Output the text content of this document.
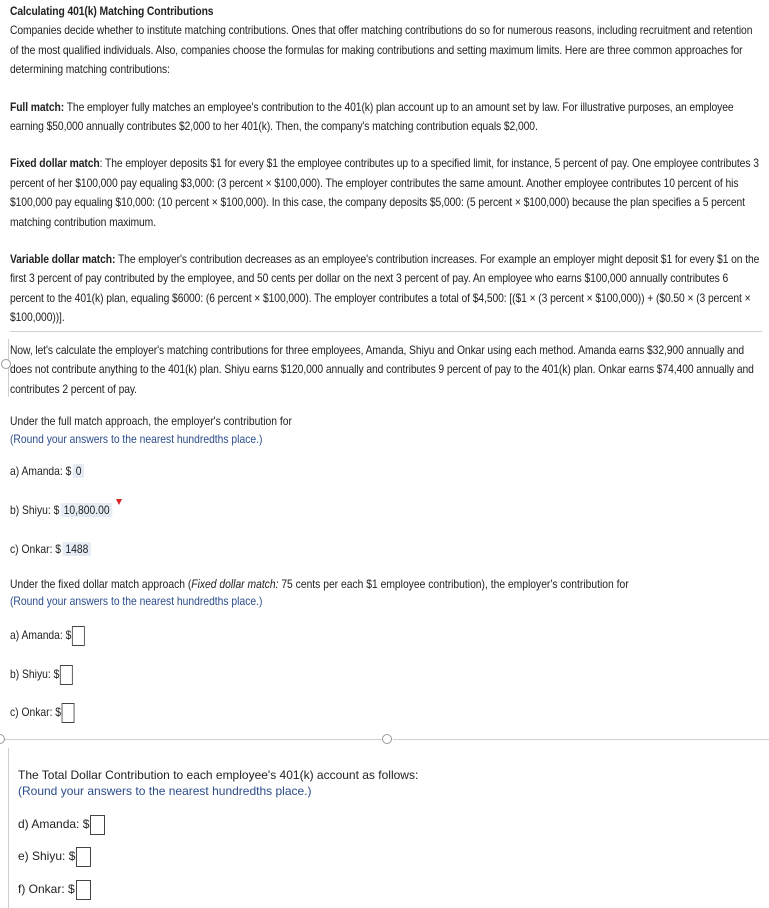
Calculating 401(k) Matching Contributions

Companies decide whether to institute matching contributions. Ones that offer matching contributions do so for numerous reasons, including recruitment and retention of the most qualified individuals. Also, companies choose the formulas for making contributions and setting maximum limits. Here are three common approaches for determining matching contributions:

Full match: The employer fully matches an employee's contribution to the 401(k) plan account up to an amount set by law. For illustrative purposes, an employee earning $50,000 annually contributes $2,000 to her 401(k). Then, the company's matching contribution equals $2,000.

Fixed dollar match: The employer deposits $1 for every $1 the employee contributes up to a specified limit, for instance, 5 percent of pay. One employee contributes 3 percent of her $100,000 pay equaling $3,000: (3 percent × $100,000). The employer contributes the same amount. Another employee contributes 10 percent of his $100,000 pay equaling $10,000: (10 percent × $100,000). In this case, the company deposits $5,000: (5 percent × $100,000) because the plan specifies a 5 percent matching contribution maximum.

Variable dollar match: The employer's contribution decreases as an employee's contribution increases. For example an employer might deposit $1 for every $1 on the first 3 percent of pay contributed by the employee, and 50 cents per dollar on the next 3 percent of pay. An employee who earns $100,000 annually contributes 6 percent to the 401(k) plan, equaling $6000: (6 percent × $100,000). The employer contributes a total of $4,500: [($1 × (3 percent × $100,000)) + ($0.50 × (3 percent × $100,000))].

Now, let's calculate the employer's matching contributions for three employees, Amanda, Shiyu and Onkar using each method. Amanda earns $32,900 annually and does not contribute anything to the 401(k) plan. Shiyu earns $120,000 annually and contributes 9 percent of pay to the 401(k) plan. Onkar earns $74,400 annually and contributes 2 percent of pay.

Under the full match approach, the employer's contribution for
(Round your answers to the nearest hundredths place.)
a) Amanda: $ 0
b) Shiyu: $ 10,800.00
c) Onkar: $ 1488
Under the fixed dollar match approach (Fixed dollar match: 75 cents per each $1 employee contribution), the employer's contribution for
(Round your answers to the nearest hundredths place.)
a) Amanda: $
b) Shiyu: $
c) Onkar: $
The Total Dollar Contribution to each employee's 401(k) account as follows:
(Round your answers to the nearest hundredths place.)
d) Amanda: $
e) Shiyu: $
f) Onkar: $
